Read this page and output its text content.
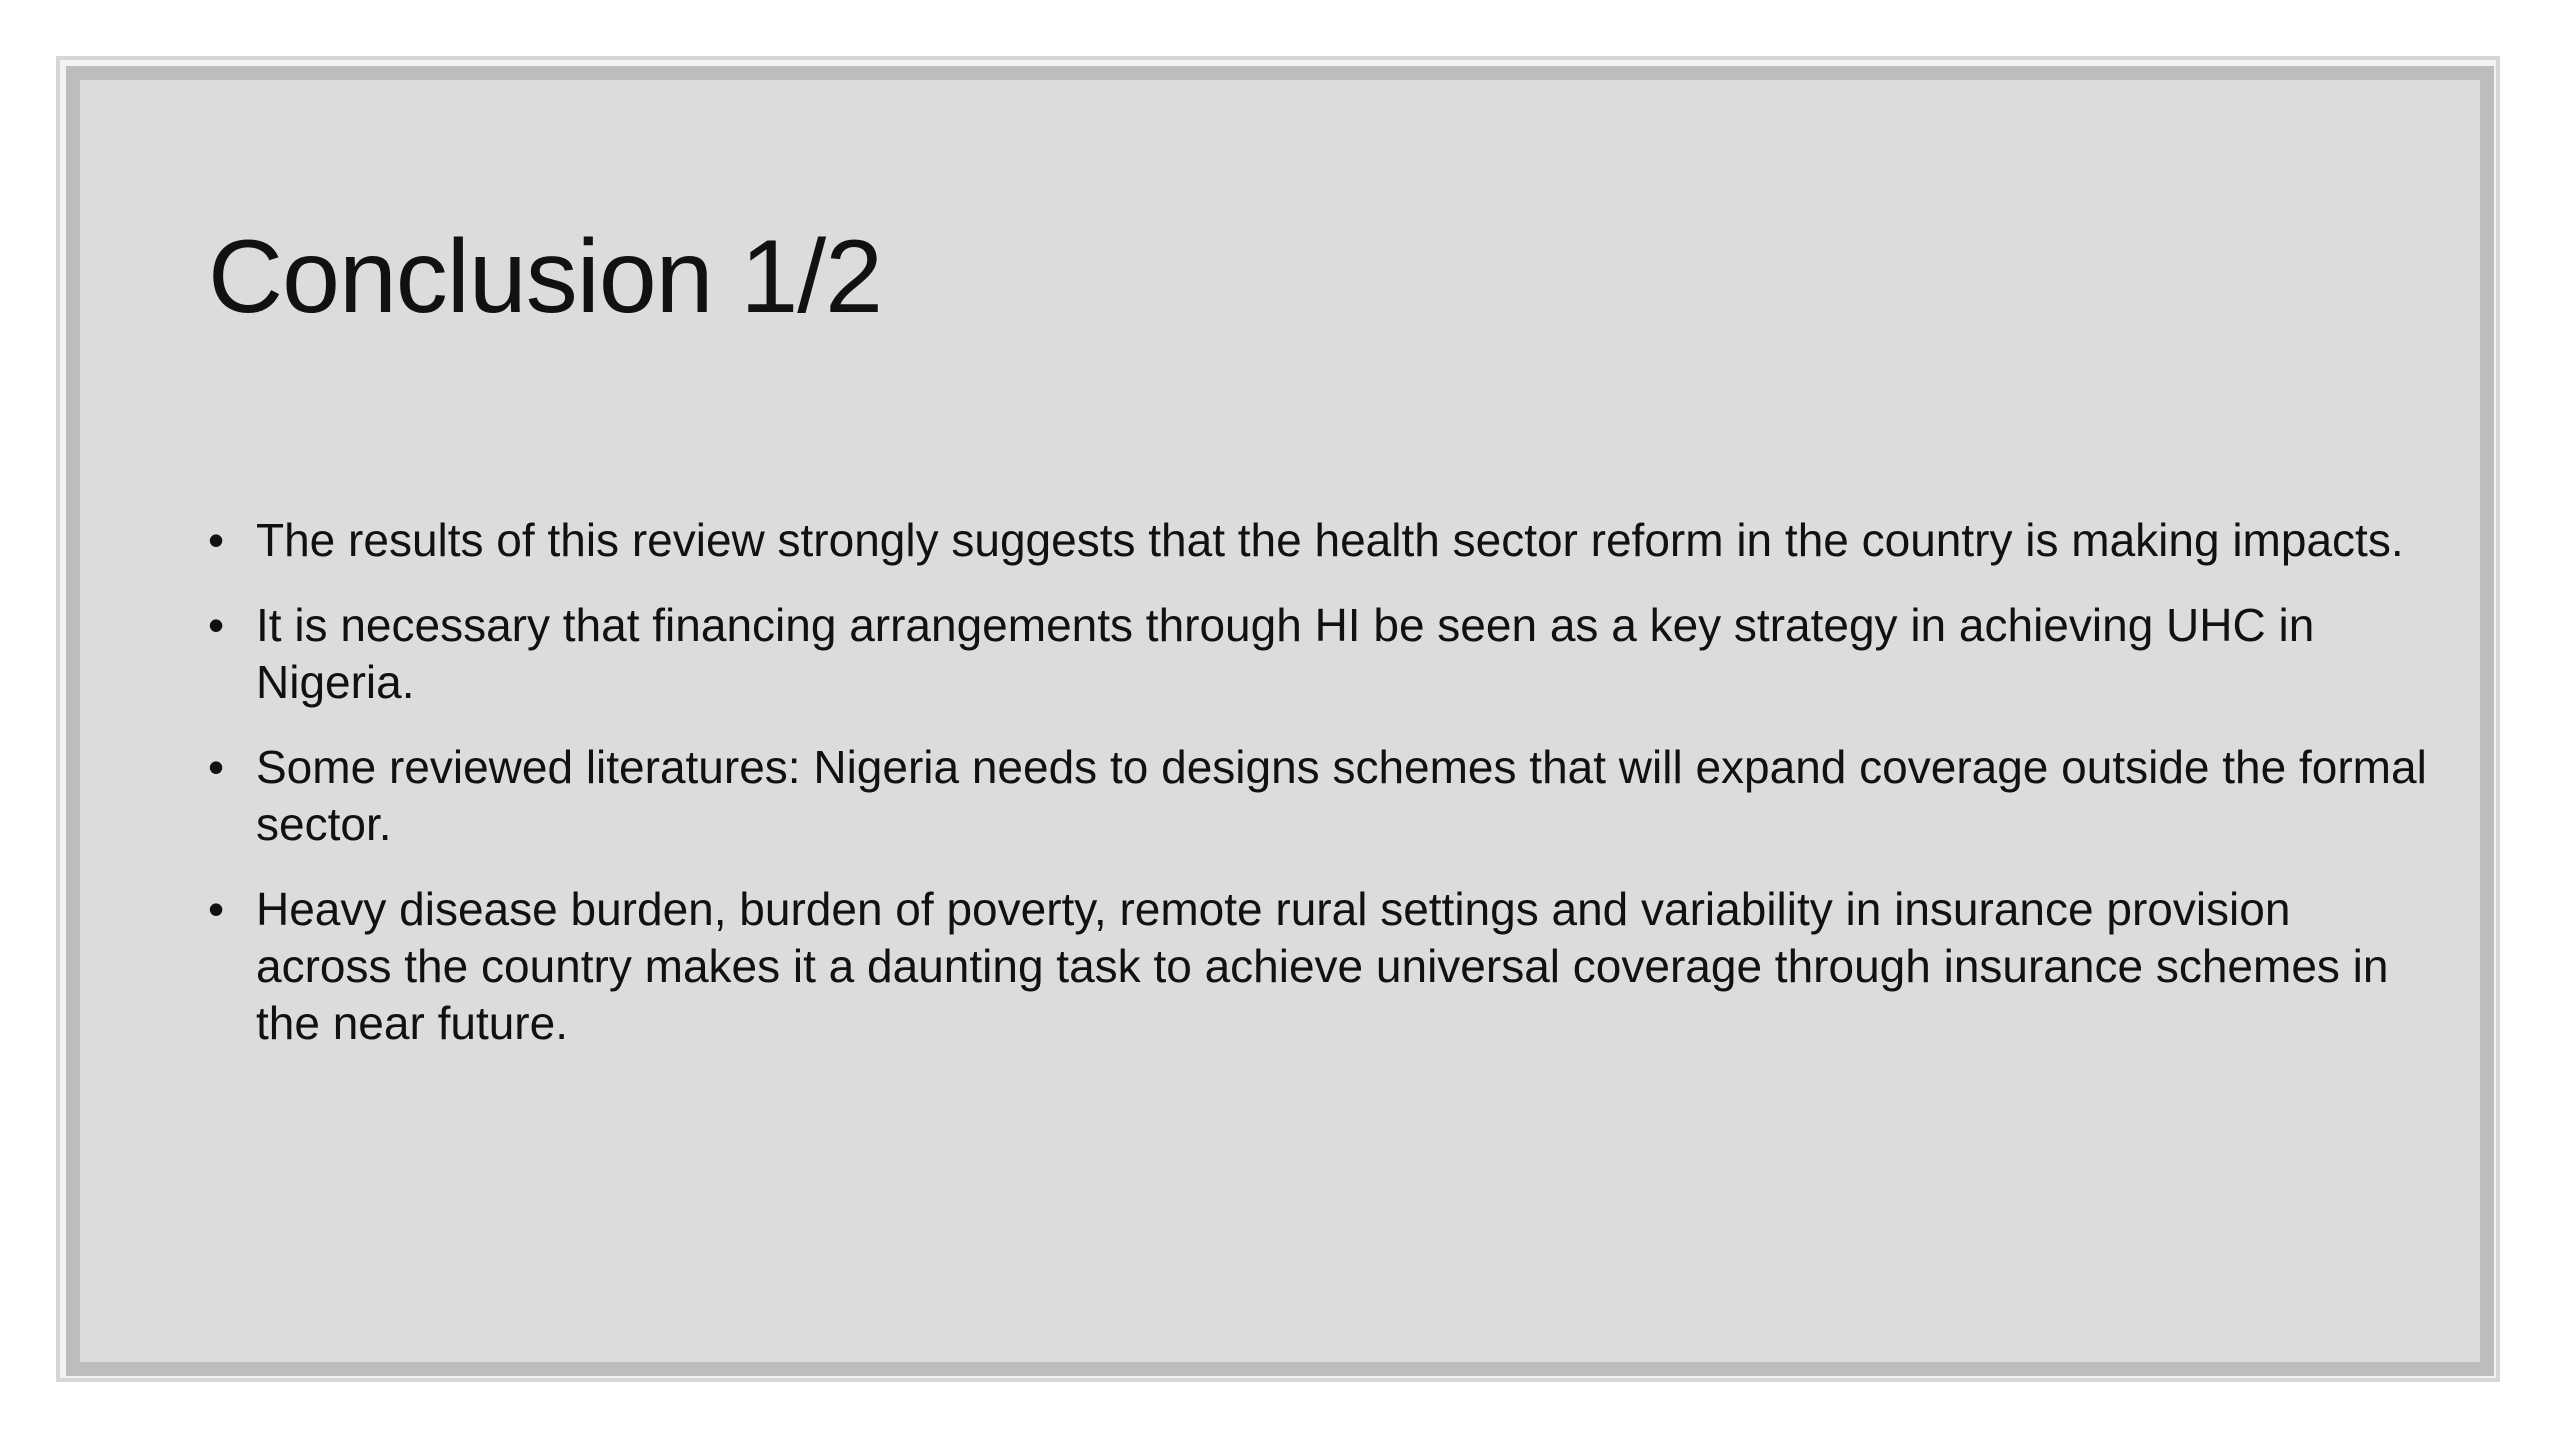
Conclusion 1/2
• The results of this review strongly suggests that the health sector reform in the country is making impacts.
• It is necessary that financing arrangements through HI be seen as a key strategy in achieving UHC in Nigeria.
• Some reviewed literatures: Nigeria needs to designs schemes that will expand coverage outside the formal sector.
• Heavy disease burden, burden of poverty, remote rural settings and variability in insurance provision across the country makes it a daunting task to achieve universal coverage through insurance schemes in the near future.
